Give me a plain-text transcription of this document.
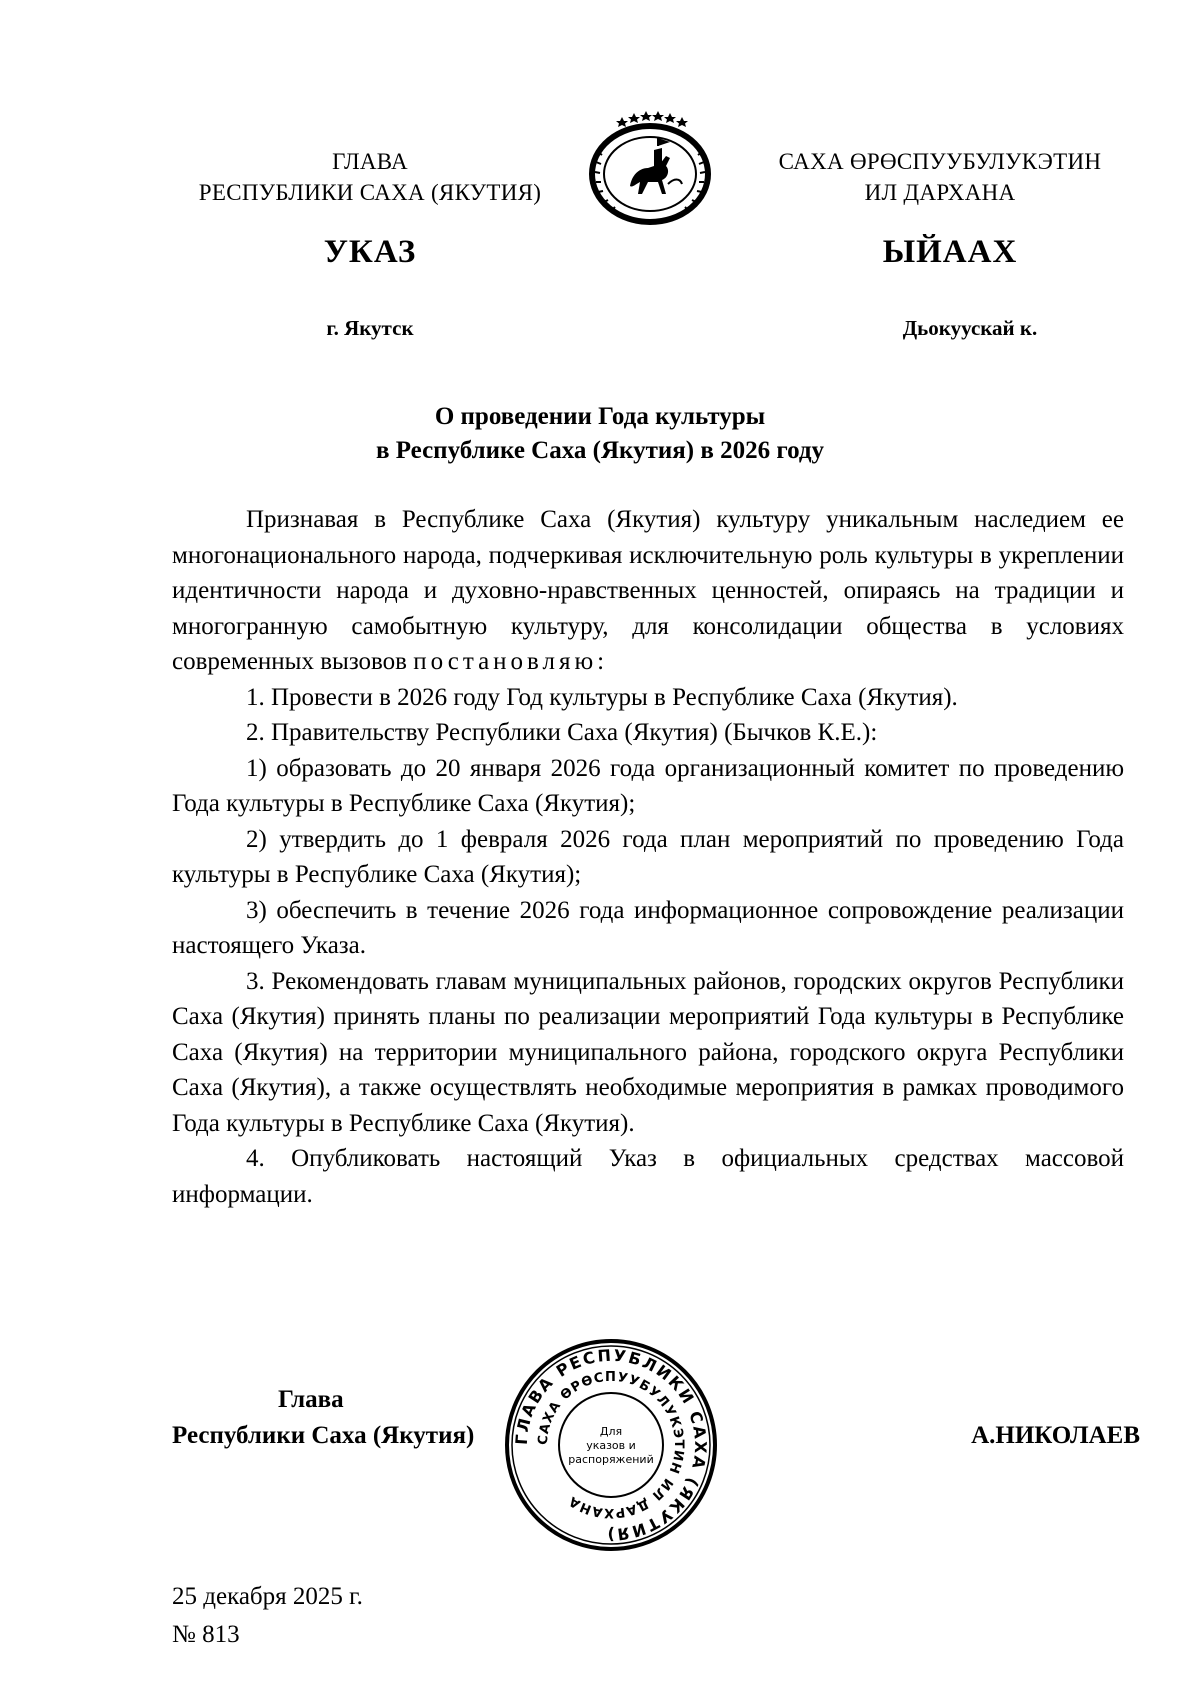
ГЛАВА
РЕСПУБЛИКИ САХА (ЯКУТИЯ)
САХА ӨРӨСПУУБУЛУКЭТИН
ИЛ ДАРХАНА
УКАЗ	ЫЙААХ
г. Якутск	Дьокуускай к.
О проведении Года культуры
в Республике Саха (Якутия) в 2026 году

Признавая в Республике Саха (Якутия) культуру уникальным наследием ее многонационального народа, подчеркивая исключительную роль культуры в укреплении идентичности народа и духовно-нравственных ценностей, опираясь на традиции и многогранную самобытную культуру, для консолидации общества в условиях современных вызовов постановляю:

1. Провести в 2026 году Год культуры в Республике Саха (Якутия).

2. Правительству Республики Саха (Якутия) (Бычков К.Е.):

1) образовать до 20 января 2026 года организационный комитет по проведению Года культуры в Республике Саха (Якутия);

2) утвердить до 1 февраля 2026 года план мероприятий по проведению Года культуры в Республике Саха (Якутия);

3) обеспечить в течение 2026 года информационное сопровождение реализации настоящего Указа.

3. Рекомендовать главам муниципальных районов, городских округов Республики Саха (Якутия) принять планы по реализации мероприятий Года культуры в Республике Саха (Якутия) на территории муниципального района, городского округа Республики Саха (Якутия), а также осуществлять необходимые мероприятия в рамках проводимого Года культуры в Республике Саха (Якутия).

4. Опубликовать настоящий Указ в официальных средствах массовой информации.

Глава
Республики Саха (Якутия)	ГЛАВА РЕСПУБЛИКИ САХА (ЯКУТИЯ)
САХА ӨРӨСПУУБУЛУКЭТИН ИЛ ДАРХАНА
Для
указов и
распоряжений
А.НИКОЛАЕВ
25 декабря 2025 г.
№ 813
